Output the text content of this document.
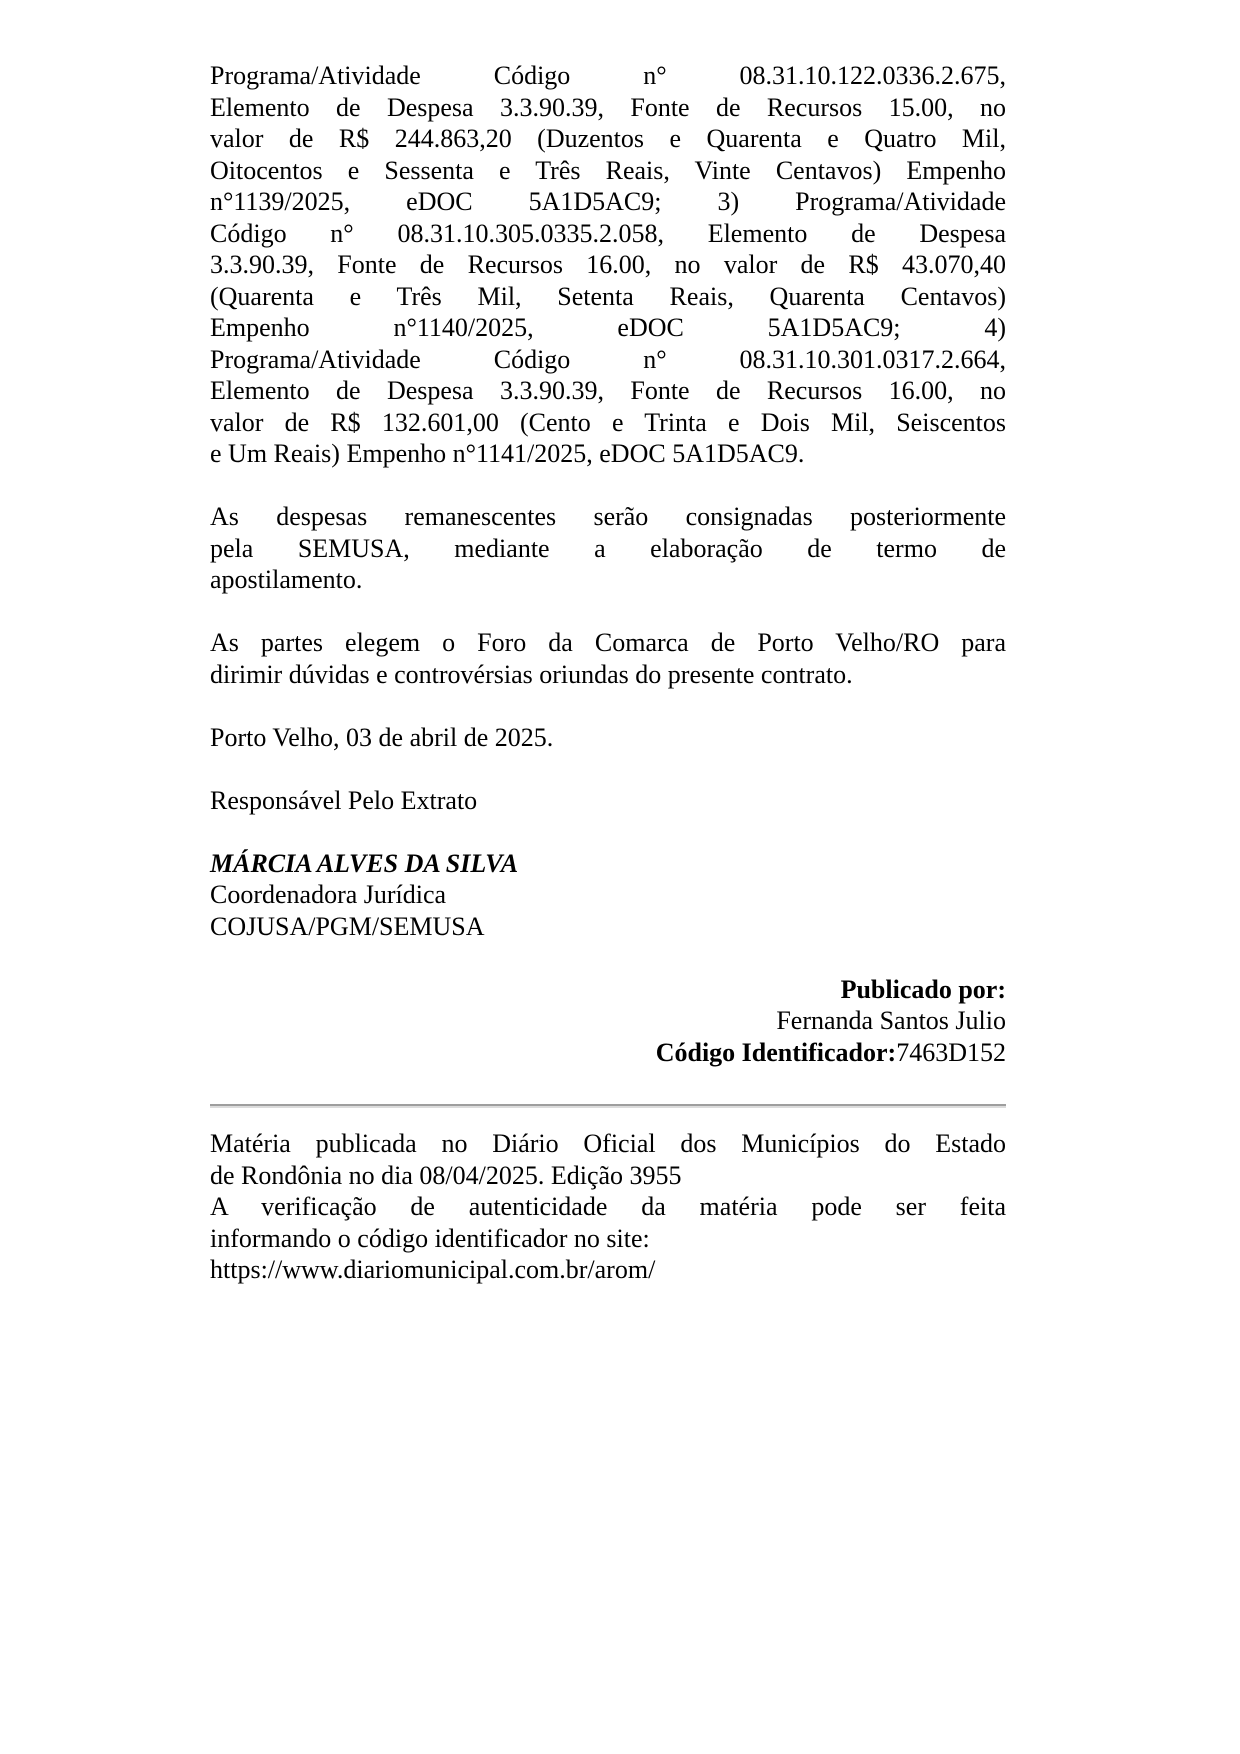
Programa/Atividade Código n° 08.31.10.122.0336.2.675,
Elemento de Despesa 3.3.90.39, Fonte de Recursos 15.00, no
valor de R$ 244.863,20 (Duzentos e Quarenta e Quatro Mil,
Oitocentos e Sessenta e Três Reais, Vinte Centavos) Empenho
n°1139/2025, eDOC 5A1D5AC9; 3) Programa/Atividade
Código n° 08.31.10.305.0335.2.058, Elemento de Despesa
3.3.90.39, Fonte de Recursos 16.00, no valor de R$ 43.070,40
(Quarenta e Três Mil, Setenta Reais, Quarenta Centavos)
Empenho n°1140/2025, eDOC 5A1D5AC9; 4)
Programa/Atividade Código n° 08.31.10.301.0317.2.664,
Elemento de Despesa 3.3.90.39, Fonte de Recursos 16.00, no
valor de R$ 132.601,00 (Cento e Trinta e Dois Mil, Seiscentos
e Um Reais) Empenho n°1141/2025, eDOC 5A1D5AC9.
As despesas remanescentes serão consignadas posteriormente
pela SEMUSA, mediante a elaboração de termo de
apostilamento.
As partes elegem o Foro da Comarca de Porto Velho/RO para
dirimir dúvidas e controvérsias oriundas do presente contrato.
Porto Velho, 03 de abril de 2025.
Responsável Pelo Extrato
MÁRCIA ALVES DA SILVA
Coordenadora Jurídica
COJUSA/PGM/SEMUSA
Publicado por:
Fernanda Santos Julio
Código Identificador:7463D152
Matéria publicada no Diário Oficial dos Municípios do Estado
de Rondônia no dia 08/04/2025. Edição 3955
A verificação de autenticidade da matéria pode ser feita
informando o código identificador no site:
https://www.diariomunicipal.com.br/arom/
